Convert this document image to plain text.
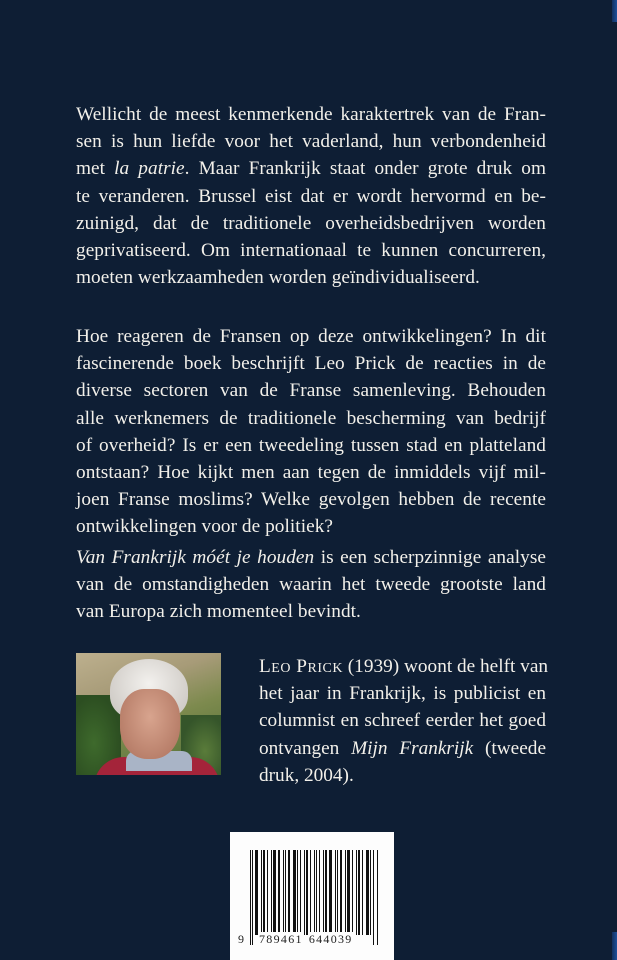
Wellicht de meest kenmerkende karaktertrek van de Fran-
sen is hun liefde voor het vaderland, hun verbondenheid
met la patrie. Maar Frankrijk staat onder grote druk om
te veranderen. Brussel eist dat er wordt hervormd en be-
zuinigd, dat de traditionele overheidsbedrijven worden
geprivatiseerd. Om internationaal te kunnen concurreren,
moeten werkzaamheden worden geïndividualiseerd.
Hoe reageren de Fransen op deze ontwikkelingen? In dit
fascinerende boek beschrijft Leo Prick de reacties in de
diverse sectoren van de Franse samenleving. Behouden
alle werknemers de traditionele bescherming van bedrijf
of overheid? Is er een tweedeling tussen stad en platteland
ontstaan? Hoe kijkt men aan tegen de inmiddels vijf mil-
joen Franse moslims? Welke gevolgen hebben de recente
ontwikkelingen voor de politiek?
Van Frankrijk móét je houden is een scherpzinnige analyse
van de omstandigheden waarin het tweede grootste land
van Europa zich momenteel bevindt.
Leo Prick (1939) woont de helft van
het jaar in Frankrijk, is publicist en
columnist en schreef eerder het goed
ontvangen Mijn Frankrijk (tweede
druk, 2004).
9	789461 644039
